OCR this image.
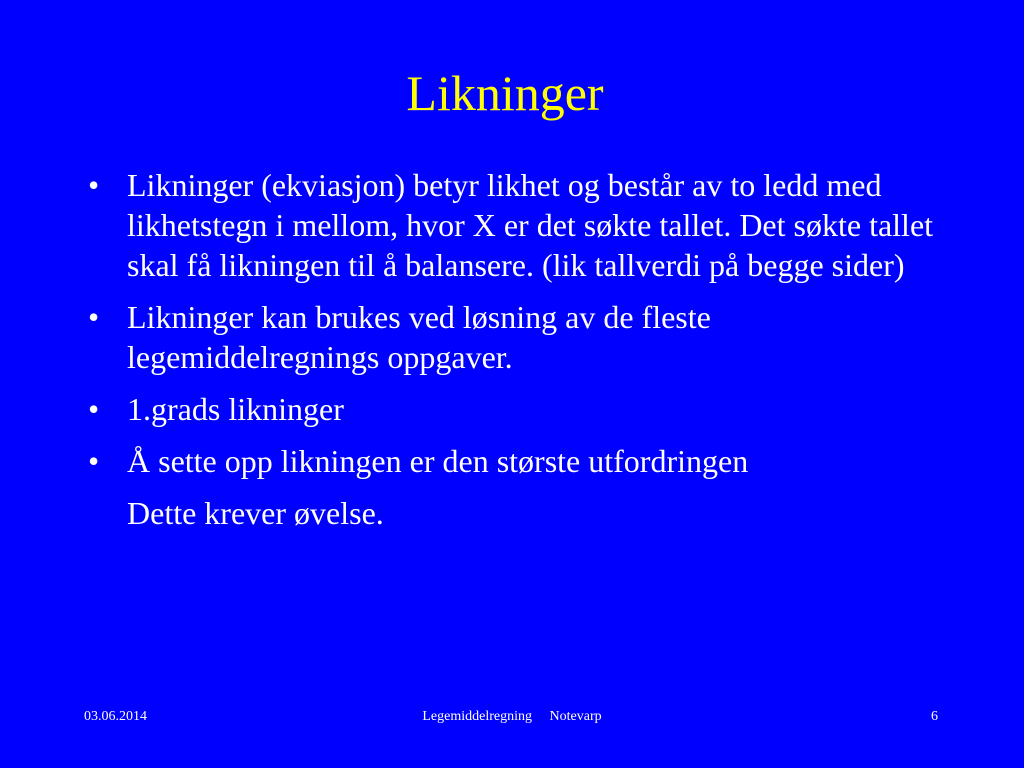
Likninger
• Likninger (ekviasjon) betyr likhet og består av to ledd med likhetstegn i mellom, hvor X er det søkte tallet. Det søkte tallet skal få likningen til å balansere. (lik tallverdi på begge sider)
• Likninger kan brukes ved løsning av de fleste legemiddelregnings oppgaver.
• 1.grads likninger
• Å sette opp likningen er den største utfordringen
Dette krever øvelse.
03.06.2014	Legemiddelregning Notevarp	6
